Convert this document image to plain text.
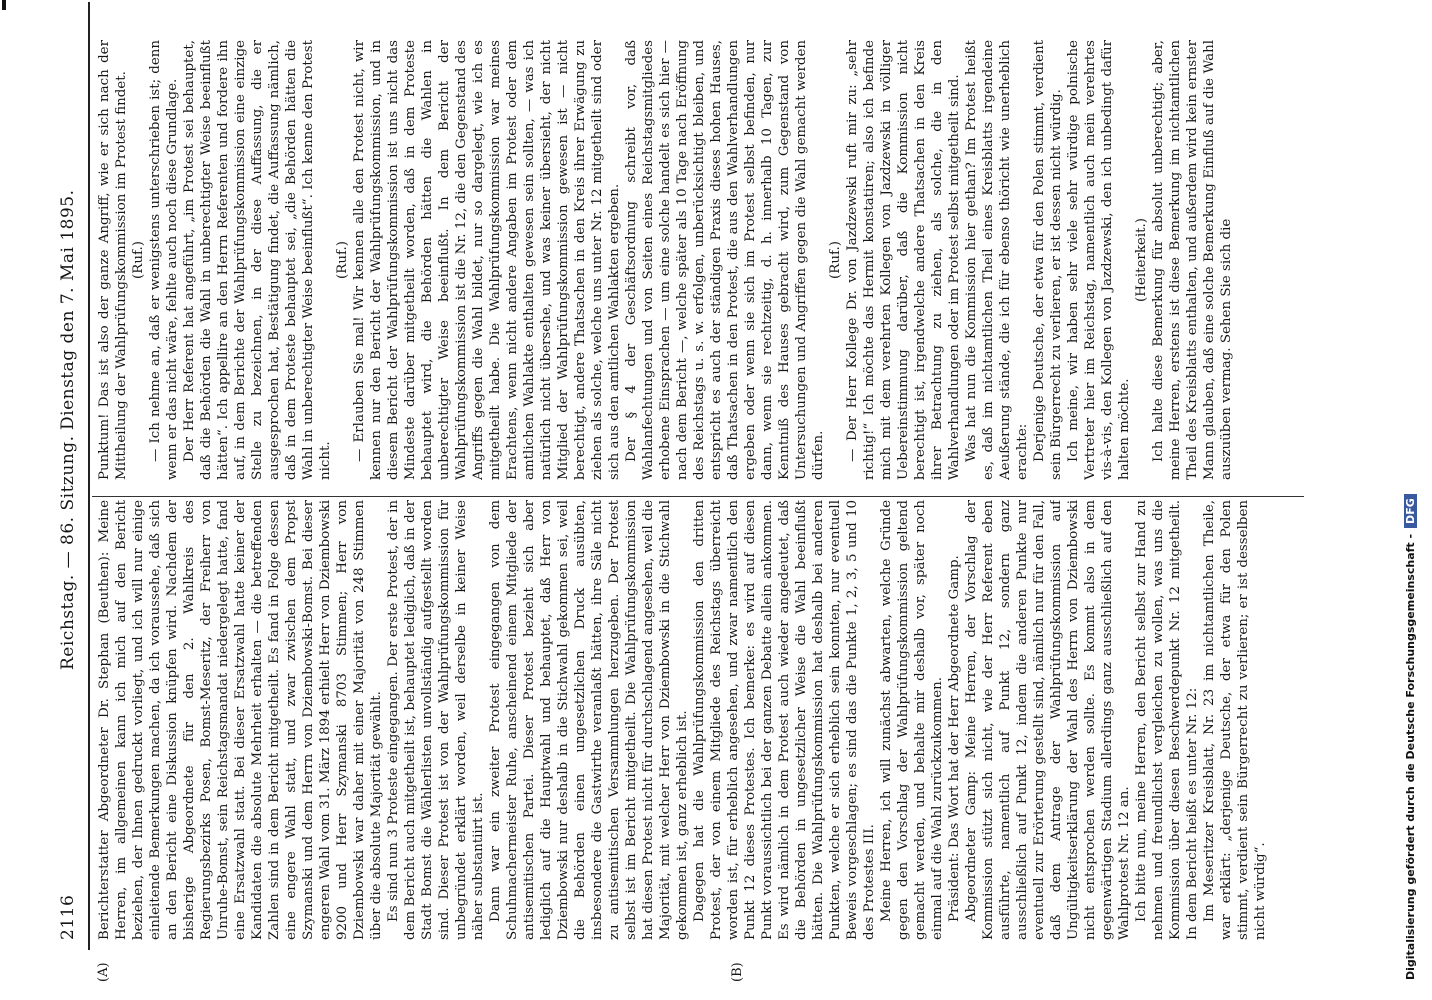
2116
Reichstag. — 86. Sitzung.
Dienstag den 7. Mai 1895.
(A)	(B)

Berichterstatter Abgeordneter Dr. Stephan (Beuthen): Meine Herren, im allgemeinen kann ich mich auf den Bericht beziehen, der Ihnen gedruckt vorliegt, und ich will nur einige einleitende Bemerkungen machen, da ich voraussehe, daß sich an den Bericht eine Diskussion knüpfen wird. Nachdem der bisherige Abgeordnete für den 2. Wahlkreis des Regierungsbezirks Posen, Bomst-Meseritz, der Freiherr von Unruhe-Bomst, sein Reichstagsmandat niedergelegt hatte, fand eine Ersatzwahl statt. Bei dieser Ersatzwahl hatte keiner der Kandidaten die absolute Mehrheit erhalten — die betreffenden Zahlen sind in dem Bericht mitgetheilt. Es fand in Folge dessen eine engere Wahl statt, und zwar zwischen dem Propst Szymanski und dem Herrn von Dziembowski-Bomst. Bei dieser engeren Wahl vom 31. März 1894 erhielt Herr von Dziembowski 9200 und Herr Szymanski 8703 Stimmen; Herr von Dziembowski war daher mit einer Majorität von 248 Stimmen über die absolute Majorität gewählt. Es sind nun 3 Proteste eingegangen. Der erste Protest, der in dem Bericht auch mitgetheilt ist, behauptet lediglich, daß in der Stadt Bomst die Wählerlisten unvollständig aufgestellt worden sind. Dieser Protest ist von der Wahlprüfungskommission für unbegründet erklärt worden, weil derselbe in keiner Weise näher substantiirt ist. Dann war ein zweiter Protest eingegangen von dem Schuhmachermeister Ruhe, anscheinend einem Mitgliede der antisemitischen Partei. Dieser Protest bezieht sich aber lediglich auf die Hauptwahl und behauptet, daß Herr von Dziembowski nur deshalb in die Stichwahl gekommen sei, weil die Behörden einen ungesetzlichen Druck ausübten, insbesondere die Gastwirthe veranlaßt hätten, ihre Säle nicht zu antisemitischen Versammlungen herzugeben. Der Protest selbst ist im Bericht mitgetheilt. Die Wahlprüfungskommission hat diesen Protest nicht für durchschlagend angesehen, weil die Majorität, mit welcher Herr von Dziembowski in die Stichwahl gekommen ist, ganz erheblich ist. Dagegen hat die Wahlprüfungskommission den dritten Protest, der von einem Mitgliede des Reichstags überreicht worden ist, für erheblich angesehen, und zwar namentlich den Punkt 12 dieses Protestes. Ich bemerke: es wird auf diesen Punkt voraussichtlich bei der ganzen Debatte allein ankommen. Es wird nämlich in dem Protest auch wieder angedeutet, daß die Behörden in ungesetzlicher Weise die Wahl beeinflußt hätten. Die Wahlprüfungskommission hat deshalb bei anderen Punkten, welche er sich erheblich sein konnten, nur eventuell Beweis vorgeschlagen; es sind das die Punkte 1, 2, 3, 5 und 10 des Protestes III. Meine Herren, ich will zunächst abwarten, welche Gründe gegen den Vorschlag der Wahlprüfungskommission geltend gemacht werden, und behalte mir deshalb vor, später noch einmal auf die Wahl zurückzukommen. Präsident: Das Wort hat der Herr Abgeordnete Gamp. Abgeordneter Gamp: Meine Herren, der Vorschlag der Kommission stützt sich nicht, wie der Herr Referent eben ausführte, namentlich auf Punkt 12, sondern ganz ausschließlich auf Punkt 12, indem die anderen Punkte nur eventuell zur Erörterung gestellt sind, nämlich nur für den Fall, daß dem Antrage der Wahlprüfungskommission auf Ungültigkeitserklärung der Wahl des Herrn von Dziembowski nicht entsprochen werden sollte. Es kommt also in dem gegenwärtigen Stadium allerdings ganz ausschließlich auf den Wahlprotest Nr. 12 an. Ich bitte nun, meine Herren, den Bericht selbst zur Hand zu nehmen und freundlichst vergleichen zu wollen, was uns die Kommission über diesen Beschwerdepunkt Nr. 12 mitgetheilt. In dem Bericht heißt es unter Nr. 12: Im Meseritzer Kreisblatt, Nr. 23 im nichtamtlichen Theile, war erklärt: „derjenige Deutsche, der etwa für den Polen stimmt, verdient sein Bürgerrecht zu verlieren; er ist desselben nicht würdig“.

Punktum! Das ist also der ganze Angriff, wie er sich nach der Mittheilung der Wahlprüfungskommission im Protest findet. (Ruf.) — Ich nehme an, daß er wenigstens unterschrieben ist; denn wenn er das nicht wäre, fehlte auch noch diese Grundlage. Der Herr Referent hat angeführt, „im Protest sei behauptet, daß die Behörden die Wahl in unberechtigter Weise beeinflußt hätten“. Ich appellire an den Herrn Referenten und fordere ihn auf, in dem Berichte der Wahlprüfungskommission eine einzige Stelle zu bezeichnen, in der diese Auffassung, die er ausgesprochen hat, Bestätigung findet, die Auffassung nämlich, daß in dem Proteste behauptet sei, „die Behörden hätten die Wahl in unberechtigter Weise beeinflußt“. Ich kenne den Protest nicht.

(Ruf.) — Erlauben Sie mal! Wir kennen alle den Protest nicht, wir kennen nur den Bericht der Wahlprüfungskommission, und in diesem Bericht der Wahlprüfungskommission ist uns nicht das Mindeste darüber mitgetheilt worden, daß in dem Proteste behauptet wird, die Behörden hätten die Wahlen in unberechtigter Weise beeinflußt. In dem Bericht der Wahlprüfungskommission ist die Nr. 12, die den Gegenstand des Angriffs gegen die Wahl bildet, nur so dargelegt, wie ich es mitgetheilt habe. Die Wahlprüfungskommission war meines Erachtens, wenn nicht andere Angaben im Protest oder dem amtlichen Wahlakte enthalten gewesen sein sollten, — was ich natürlich nicht übersehe, und was keiner übersieht, der nicht Mitglied der Wahlprüfungskommission gewesen ist — nicht berechtigt, andere Thatsachen in den Kreis ihrer Erwägung zu ziehen als solche, welche uns unter Nr. 12 mitgetheilt sind oder sich aus den amtlichen Wahlakten ergeben. Der § 4 der Geschäftsordnung schreibt vor, daß Wahlanfechtungen und von Seiten eines Reichstagsmitgliedes erhobene Einsprachen — um eine solche handelt es sich hier — nach dem Bericht —, welche später als 10 Tage nach Eröffnung des Reichstags u. s. w. erfolgen, unberücksichtigt bleiben, und entspricht es auch der ständigen Praxis dieses hohen Hauses, daß Thatsachen in den Protest, die aus den Wahlverhandlungen ergeben oder wenn sie sich im Protest selbst befinden, nur dann, wenn sie rechtzeitig, d. h. innerhalb 10 Tagen, zur Kenntniß des Hauses gebracht wird, zum Gegenstand von Untersuchungen und Angriffen gegen die Wahl gemacht werden dürfen.

(Ruf.) — Der Herr Kollege Dr. von Jazdzewski ruft mir zu: „sehr richtig!“ Ich möchte das Hermit konstatiren; also ich befinde mich mit dem verehrten Kollegen von Jazdzewski in völliger Uebereinstimmung darüber, daß die Kommission nicht berechtigt ist, irgendwelche andere Thatsachen in den Kreis ihrer Betrachtung zu ziehen, als solche, die in den Wahlverhandlungen oder im Protest selbst mitgetheilt sind. Was hat nun die Kommission hier gethan? Im Protest heißt es, daß im nichtamtlichen Theil eines Kreisblatts irgendeine Aeußerung stände, die ich für ebenso thöricht wie unerheblich erachte: Derjenige Deutsche, der etwa für den Polen stimmt, verdient sein Bürgerrecht zu verlieren, er ist dessen nicht würdig. Ich meine, wir haben sehr viele sehr würdige polnische Vertreter hier im Reichstag, namentlich auch mein verehrtes vis-à-vis, den Kollegen von Jazdzewski, den ich unbedingt dafür halten möchte.

(Heiterkeit.) Ich halte diese Bemerkung für absolut unberechtigt; aber, meine Herren, erstens ist diese Bemerkung im nichtamtlichen Theil des Kreisblatts enthalten, und außerdem wird kein ernster Mann glauben, daß eine solche Bemerkung Einfluß auf die Wahl auszuüben vermag. Sehen Sie sich die

Digitalisierung gefördert durch die Deutsche Forschungsgemeinschaft -DFG
